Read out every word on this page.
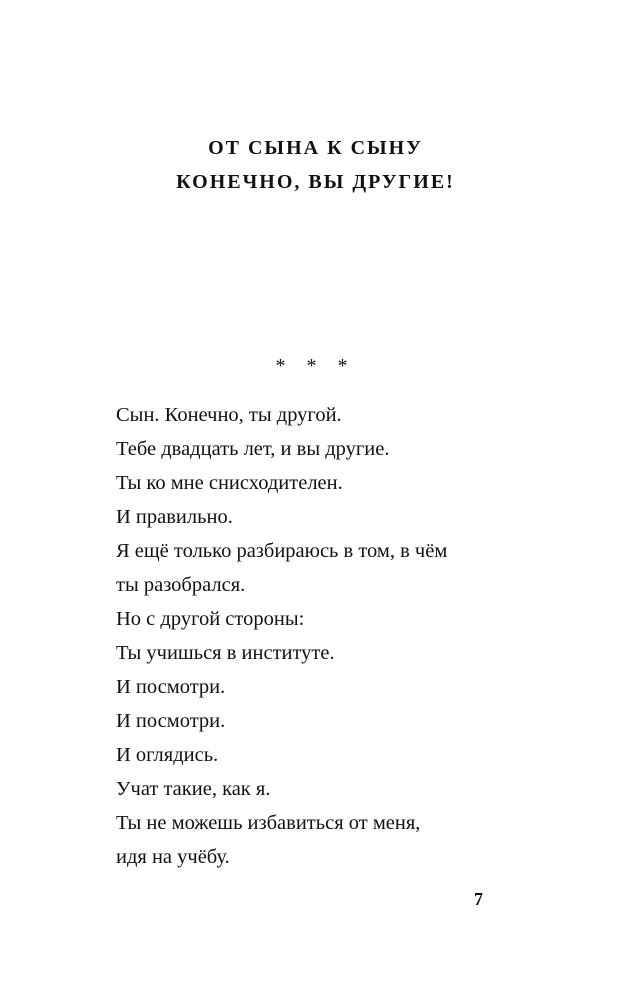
ОТ СЫНА К СЫНУ
КОНЕЧНО, ВЫ ДРУГИЕ!
* * *
Сын. Конечно, ты другой.
Тебе двадцать лет, и вы другие.
Ты ко мне снисходителен.
И правильно.
Я ещё только разбираюсь в том, в чём
ты разобрался.
Но с другой стороны:
Ты учишься в институте.
И посмотри.
И посмотри.
И оглядись.
Учат такие, как я.
Ты не можешь избавиться от меня,
идя на учёбу.
7
